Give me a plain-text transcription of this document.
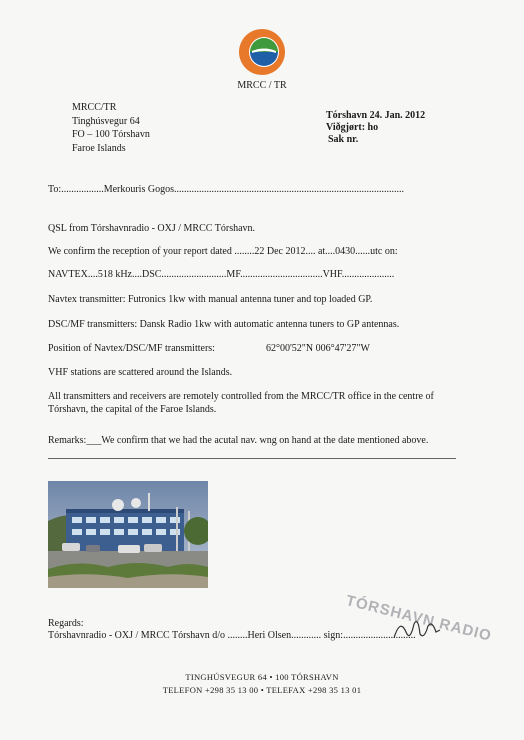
MRCC / TR
MRCC/TR
Tinghúsvegur 64
FO – 100 Tórshavn
Faroe Islands
Tórshavn 24. Jan. 2012
Viðgjørt: ho
Sak nr.
To:.................Merkouris Gogos............................................................................................
QSL from Tórshavnradio - OXJ / MRCC Tórshavn.
We confirm the reception of your report dated ........22 Dec 2012.... at....0430......utc on:
NAVTEX....518 kHz....DSC..........................MF.................................VHF.....................
Navtex transmitter: Futronics 1kw with manual antenna tuner and top loaded GP.
DSC/MF transmitters: Dansk Radio 1kw with automatic antenna tuners to GP antennas.
Position of Navtex/DSC/MF transmitters:	62°00'52"N 006°47'27"W
VHF stations are scattered around the Islands.
All transmitters and receivers are remotely controlled from the MRCC/TR office in the centre of
Tórshavn, the capital of the Faroe Islands.
Remarks:___We confirm that we had the acutal nav. wng on hand at the date mentioned above.
Regards:
Tórshavnradio - OXJ / MRCC Tórshavn d/o ........Heri Olsen............ sign:.............................
TÓRSHAVN RADIO
TINGHÚSVEGUR 64 • 100 TÓRSHAVN
TELEFON +298 35 13 00 • TELEFAX +298 35 13 01
